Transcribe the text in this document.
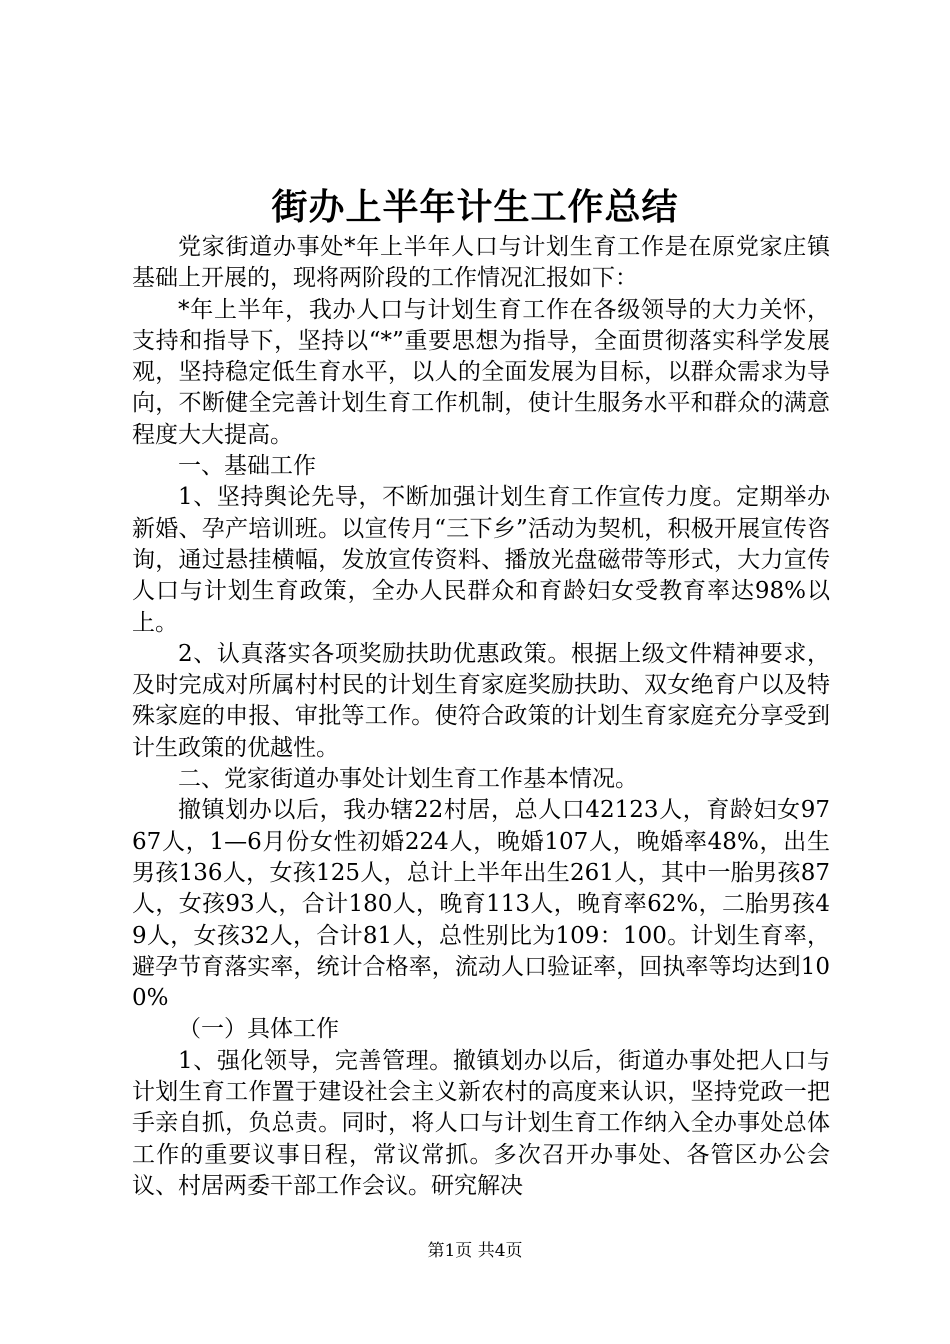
街办上半年计生工作总结

党家街道办事处*年上半年人口与计划生育工作是在原党家庄镇基础上开展的，现将两阶段的工作情况汇报如下：

*年上半年，我办人口与计划生育工作在各级领导的大力关怀，支持和指导下，坚持以“*”重要思想为指导，全面贯彻落实科学发展观，坚持稳定低生育水平，以人的全面发展为目标，以群众需求为导向，不断健全完善计划生育工作机制，使计生服务水平和群众的满意程度大大提高。

一、基础工作

1、坚持舆论先导，不断加强计划生育工作宣传力度。定期举办新婚、孕产培训班。以宣传月“三下乡”活动为契机，积极开展宣传咨询，通过悬挂横幅，发放宣传资料、播放光盘磁带等形式，大力宣传人口与计划生育政策，全办人民群众和育龄妇女受教育率达98%以上。

2、认真落实各项奖励扶助优惠政策。根据上级文件精神要求，及时完成对所属村村民的计划生育家庭奖励扶助、双女绝育户以及特殊家庭的申报、审批等工作。使符合政策的计划生育家庭充分享受到计生政策的优越性。

二、党家街道办事处计划生育工作基本情况。

撤镇划办以后，我办辖22村居，总人口42123人，育龄妇女9767人，1—6月份女性初婚224人，晚婚107人，晚婚率48%，出生男孩136人，女孩125人，总计上半年出生261人，其中一胎男孩87人，女孩93人，合计180人，晚育113人，晚育率62%，二胎男孩49人，女孩32人，合计81人，总性别比为109：100。计划生育率，避孕节育落实率，统计合格率，流动人口验证率，回执率等均达到100%

（一）具体工作

1、强化领导，完善管理。撤镇划办以后，街道办事处把人口与计划生育工作置于建设社会主义新农村的高度来认识，坚持党政一把手亲自抓，负总责。同时，将人口与计划生育工作纳入全办事处总体工作的重要议事日程，常议常抓。多次召开办事处、各管区办公会议、村居两委干部工作会议。研究解决

第1页 共4页
